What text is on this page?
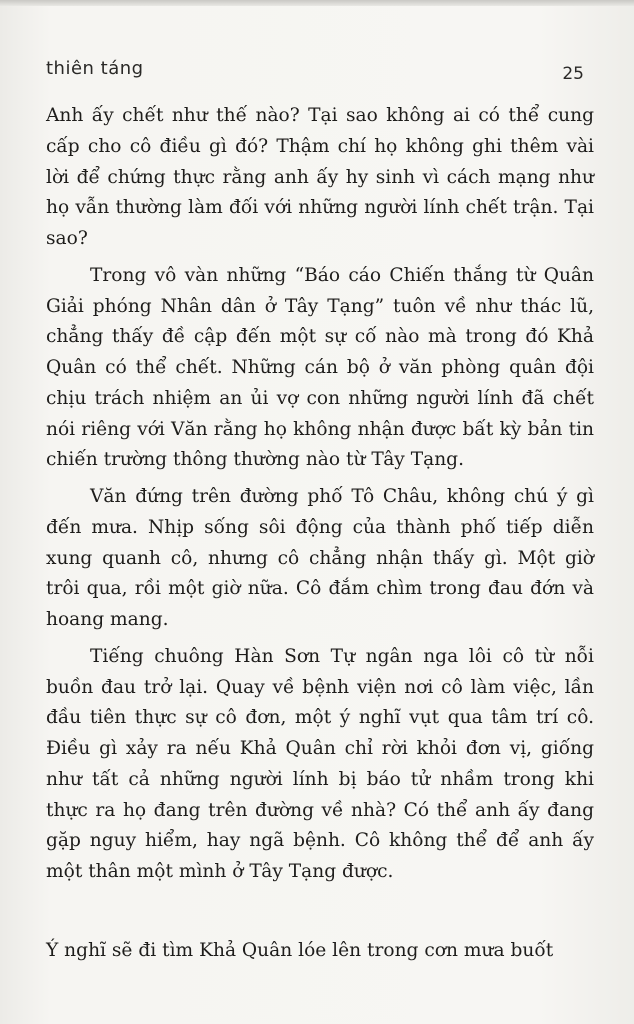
thiên táng	25

Anh ấy chết như thế nào? Tại sao không ai có thể cung cấp cho cô điều gì đó? Thậm chí họ không ghi thêm vài lời để chứng thực rằng anh ấy hy sinh vì cách mạng như họ vẫn thường làm đối với những người lính chết trận. Tại sao?

Trong vô vàn những “Báo cáo Chiến thắng từ Quân Giải phóng Nhân dân ở Tây Tạng” tuôn về như thác lũ, chẳng thấy đề cập đến một sự cố nào mà trong đó Khả Quân có thể chết. Những cán bộ ở văn phòng quân đội chịu trách nhiệm an ủi vợ con những người lính đã chết nói riêng với Văn rằng họ không nhận được bất kỳ bản tin chiến trường thông thường nào từ Tây Tạng.

Văn đứng trên đường phố Tô Châu, không chú ý gì đến mưa. Nhịp sống sôi động của thành phố tiếp diễn xung quanh cô, nhưng cô chẳng nhận thấy gì. Một giờ trôi qua, rồi một giờ nữa. Cô đắm chìm trong đau đớn và hoang mang.

Tiếng chuông Hàn Sơn Tự ngân nga lôi cô từ nỗi buồn đau trở lại. Quay về bệnh viện nơi cô làm việc, lần đầu tiên thực sự cô đơn, một ý nghĩ vụt qua tâm trí cô. Điều gì xảy ra nếu Khả Quân chỉ rời khỏi đơn vị, giống như tất cả những người lính bị báo tử nhầm trong khi thực ra họ đang trên đường về nhà? Có thể anh ấy đang gặp nguy hiểm, hay ngã bệnh. Cô không thể để anh ấy một thân một mình ở Tây Tạng được.

Ý nghĩ sẽ đi tìm Khả Quân lóe lên trong cơn mưa buốt
